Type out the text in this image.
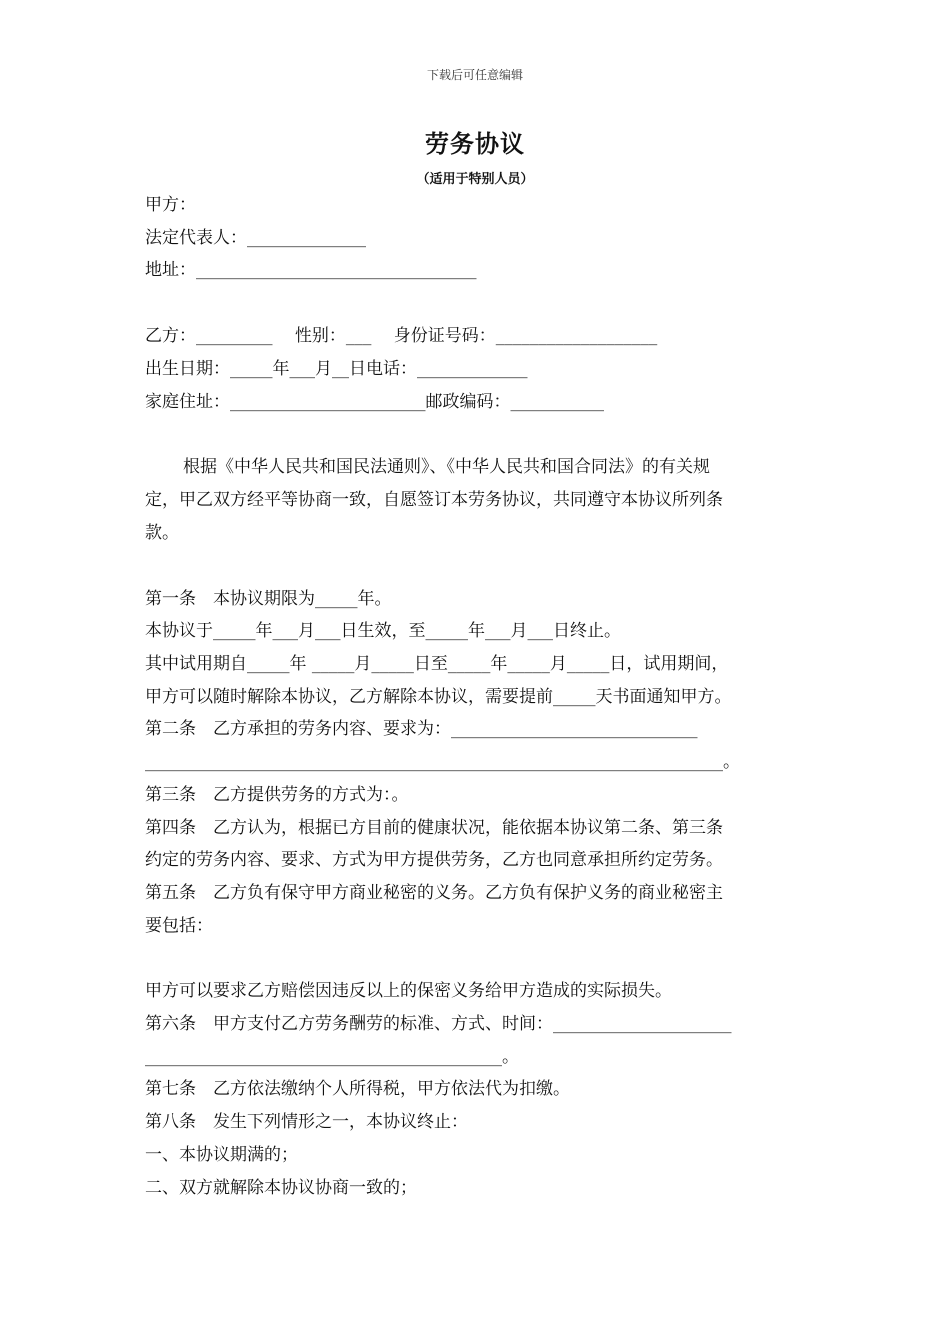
下载后可任意编辑
劳务协议
（适用于特别人员）
甲方：
法定代表人：______________
地址：_________________________________
乙方：_________　 性别：___　 身份证号码：___________________
出生日期：_____年___月__日电话：_____________
家庭住址：_______________________邮政编码：___________
根据《中华人民共和国民法通则》、《中华人民共和国合同法》的有关规
定，甲乙双方经平等协商一致，自愿签订本劳务协议，共同遵守本协议所列条
款。
第一条　本协议期限为_____年。
本协议于_____年___月___日生效，至_____年___月___日终止。
其中试用期自_____年 _____月_____日至_____年_____月_____日，试用期间，
甲方可以随时解除本协议，乙方解除本协议，需要提前_____天书面通知甲方。
第二条　乙方承担的劳务内容、要求为：_____________________________
____________________________________________________________________。
第三条　乙方提供劳务的方式为：。
第四条　乙方认为，根据已方目前的健康状况，能依据本协议第二条、第三条
约定的劳务内容、要求、方式为甲方提供劳务，乙方也同意承担所约定劳务。
第五条　乙方负有保守甲方商业秘密的义务。乙方负有保护义务的商业秘密主
要包括：
甲方可以要求乙方赔偿因违反以上的保密义务给甲方造成的实际损失。
第六条　甲方支付乙方劳务酬劳的标准、方式、时间：_____________________
__________________________________________。
第七条　乙方依法缴纳个人所得税，甲方依法代为扣缴。
第八条　发生下列情形之一，本协议终止：
一、本协议期满的；
二、双方就解除本协议协商一致的；
